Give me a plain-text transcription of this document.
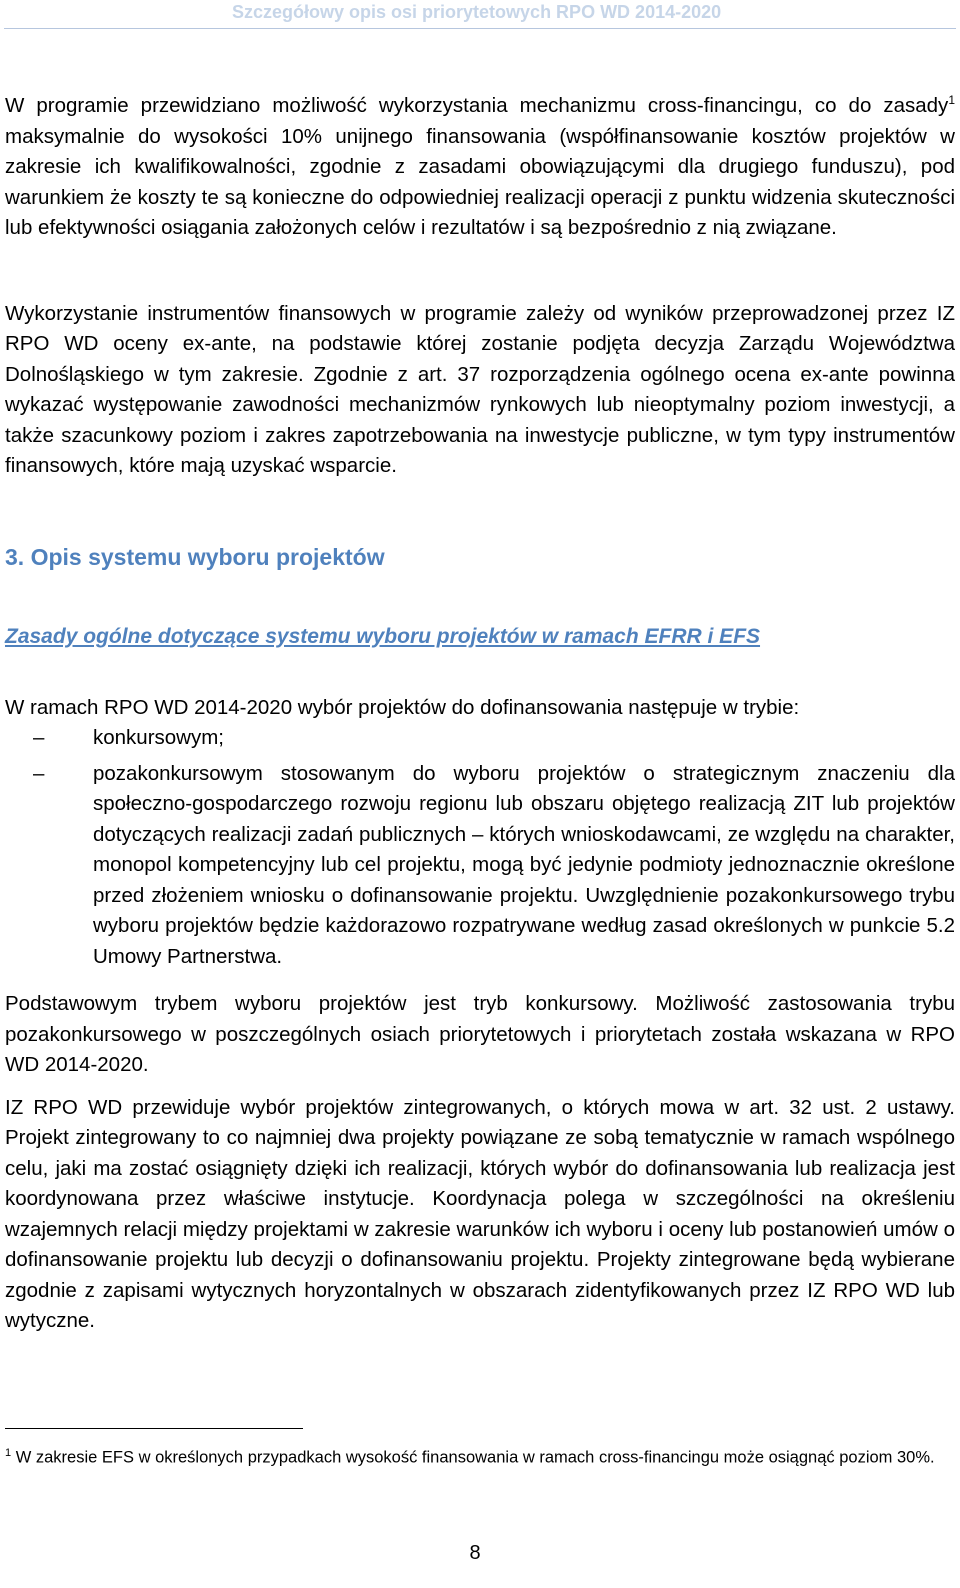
Szczegółowy opis osi priorytetowych RPO WD 2014-2020

W programie przewidziano możliwość wykorzystania mechanizmu cross-financingu, co do zasady$^1$ maksymalnie do wysokości 10% unijnego finansowania (współfinansowanie kosztów projektów w zakresie ich kwalifikowalności, zgodnie z zasadami obowiązującymi dla drugiego funduszu), pod warunkiem że koszty te są konieczne do odpowiedniej realizacji operacji z punktu widzenia skuteczności lub efektywności osiągania założonych celów i rezultatów i są bezpośrednio z nią związane.

Wykorzystanie instrumentów finansowych w programie zależy od wyników przeprowadzonej przez IZ RPO WD oceny ex-ante, na podstawie której zostanie podjęta decyzja Zarządu Województwa Dolnośląskiego w tym zakresie. Zgodnie z art. 37 rozporządzenia ogólnego ocena ex-ante powinna wykazać występowanie zawodności mechanizmów rynkowych lub nieoptymalny poziom inwestycji, a także szacunkowy poziom i zakres zapotrzebowania na inwestycje publiczne, w tym typy instrumentów finansowych, które mają uzyskać wsparcie.

3. Opis systemu wyboru projektów
Zasady ogólne dotyczące systemu wyboru projektów w ramach EFRR i EFS

W ramach RPO WD 2014-2020 wybór projektów do dofinansowania następuje w trybie:

– konkursowym;
– pozakonkursowym stosowanym do wyboru projektów o strategicznym znaczeniu dla społeczno-gospodarczego rozwoju regionu lub obszaru objętego realizacją ZIT lub projektów dotyczących realizacji zadań publicznych – których wnioskodawcami, ze względu na charakter, monopol kompetencyjny lub cel projektu, mogą być jedynie podmioty jednoznacznie określone przed złożeniem wniosku o dofinansowanie projektu. Uwzględnienie pozakonkursowego trybu wyboru projektów będzie każdorazowo rozpatrywane według zasad określonych w punkcie 5.2 Umowy Partnerstwa.

Podstawowym trybem wyboru projektów jest tryb konkursowy. Możliwość zastosowania trybu pozakonkursowego w poszczególnych osiach priorytetowych i priorytetach została wskazana w RPO WD 2014-2020.

IZ RPO WD przewiduje wybór projektów zintegrowanych, o których mowa w art. 32 ust. 2 ustawy. Projekt zintegrowany to co najmniej dwa projekty powiązane ze sobą tematycznie w ramach wspólnego celu, jaki ma zostać osiągnięty dzięki ich realizacji, których wybór do dofinansowania lub realizacja jest koordynowana przez właściwe instytucje. Koordynacja polega w szczególności na określeniu wzajemnych relacji między projektami w zakresie warunków ich wyboru i oceny lub postanowień umów o dofinansowanie projektu lub decyzji o dofinansowaniu projektu. Projekty zintegrowane będą wybierane zgodnie z zapisami wytycznych horyzontalnych w obszarach zidentyfikowanych przez IZ RPO WD lub wytyczne.

$^1$ W zakresie EFS w określonych przypadkach wysokość finansowania w ramach cross-financingu może osiągnąć poziom 30%.
8
